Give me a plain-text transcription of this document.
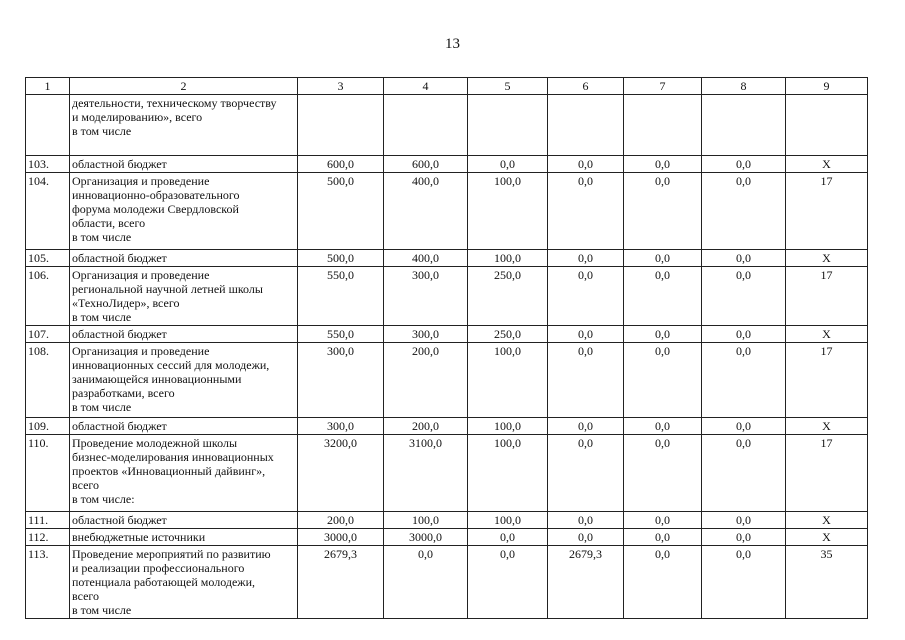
13
1	2	3	4	5	6	7	8	9

	деятельности, техническому творчеству
и моделированию», всего
в том числе							

103.	областной бюджет	600,0	600,0	0,0	0,0	0,0	0,0	X
104.	Организация и проведение
инновационно-образовательного
форума молодежи Свердловской
области, всего
в том числе	500,0	400,0	100,0	0,0	0,0	0,0	17
105.	областной бюджет	500,0	400,0	100,0	0,0	0,0	0,0	X
106.	Организация и проведение
региональной научной летней школы
«ТехноЛидер», всего
в том числе	550,0	300,0	250,0	0,0	0,0	0,0	17
107.	областной бюджет	550,0	300,0	250,0	0,0	0,0	0,0	X
108.	Организация и проведение
инновационных сессий для молодежи,
занимающейся инновационными
разработками, всего
в том числе	300,0	200,0	100,0	0,0	0,0	0,0	17
109.	областной бюджет	300,0	200,0	100,0	0,0	0,0	0,0	X
110.	Проведение молодежной школы
бизнес-моделирования инновационных
проектов «Инновационный дайвинг»,
всего
в том числе:	3200,0	3100,0	100,0	0,0	0,0	0,0	17
111.	областной бюджет	200,0	100,0	100,0	0,0	0,0	0,0	X
112.	внебюджетные источники	3000,0	3000,0	0,0	0,0	0,0	0,0	X
113.	Проведение мероприятий по развитию
и реализации профессионального
потенциала работающей молодежи,
всего
в том числе	2679,3	0,0	0,0	2679,3	0,0	0,0	35
